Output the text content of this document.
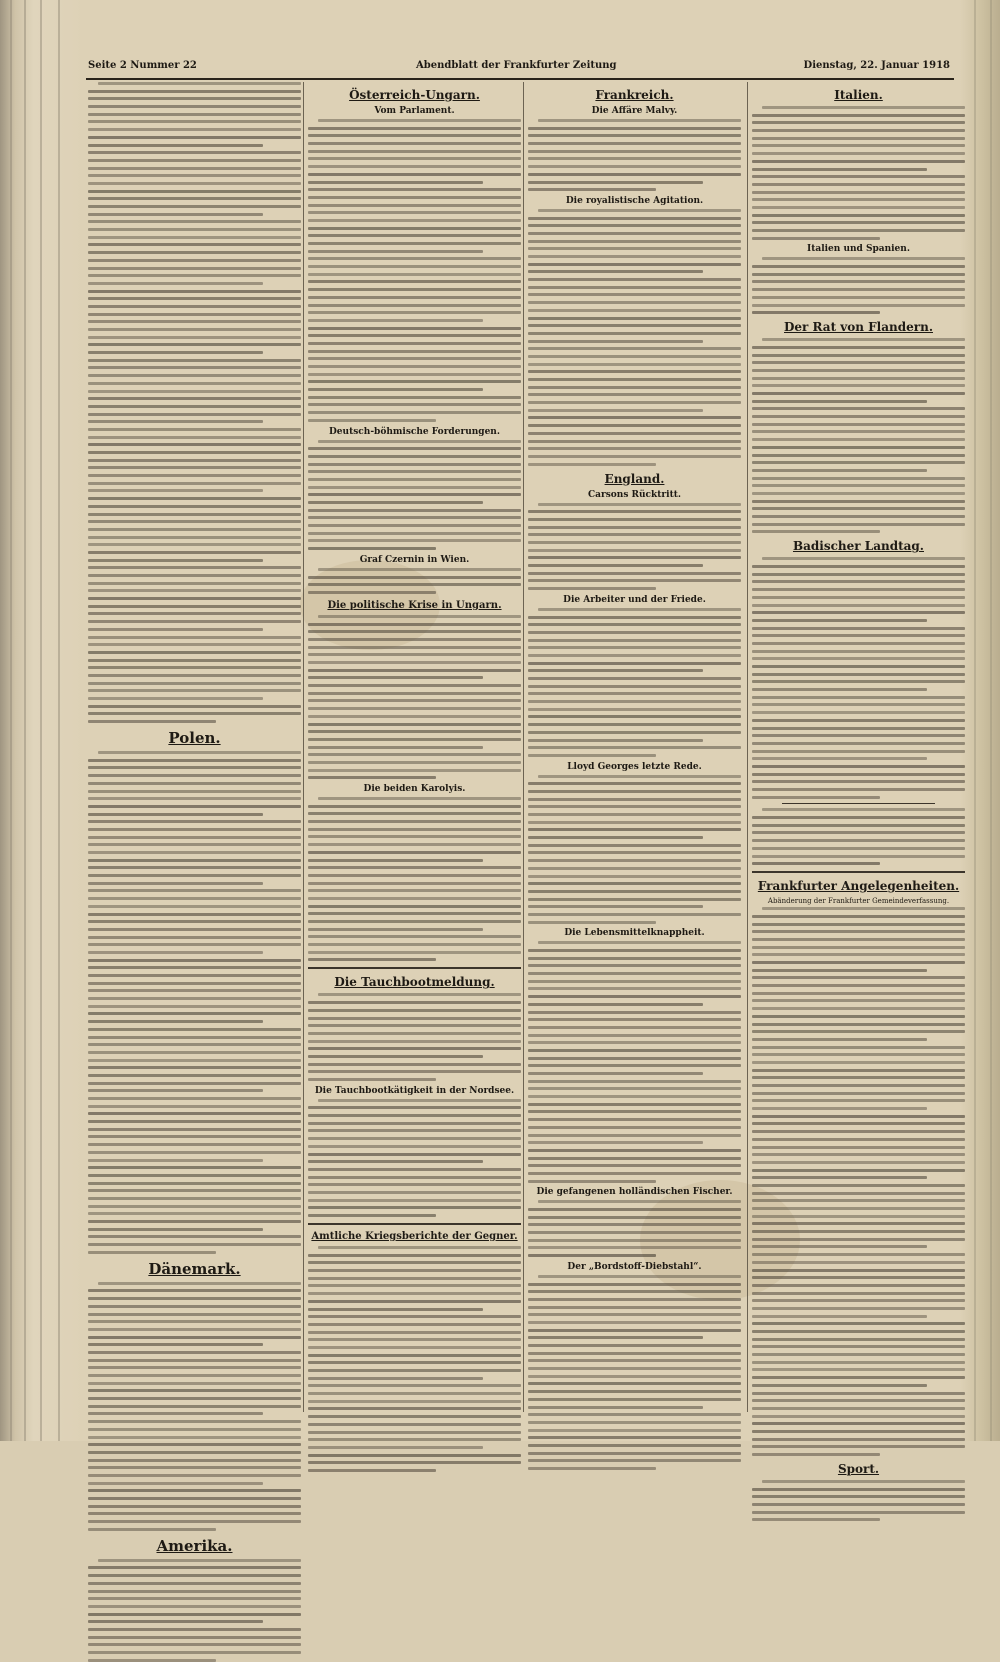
Seite 2 Nummer 22	Abendblatt der Frankfurter Zeitung	Dienstag, 22. Januar 1918
Polen.
Dänemark.
Amerika.
Österreich-Ungarn.
Vom Parlament.
Deutsch-böhmische Forderungen.
Graf Czernin in Wien.
Die politische Krise in Ungarn.
Die beiden Karolyis.
Die Tauchbootmeldung.
Die Tauchbootkätigkeit in der Nordsee.
Amtliche Kriegsberichte der Gegner.
Frankreich.
Die Affäre Malvy.
Die royalistische Agitation.
England.
Carsons Rücktritt.
Die Arbeiter und der Friede.
Lloyd Georges letzte Rede.
Die Lebensmittelknappheit.
Die gefangenen holländischen Fischer.
Der „Bordstoff-Diebstahl“.
Italien.
Italien und Spanien.
Der Rat von Flandern.
Badischer Landtag.
Frankfurter Angelegenheiten.
Abänderung der Frankfurter Gemeindeverfassung.
Sport.
